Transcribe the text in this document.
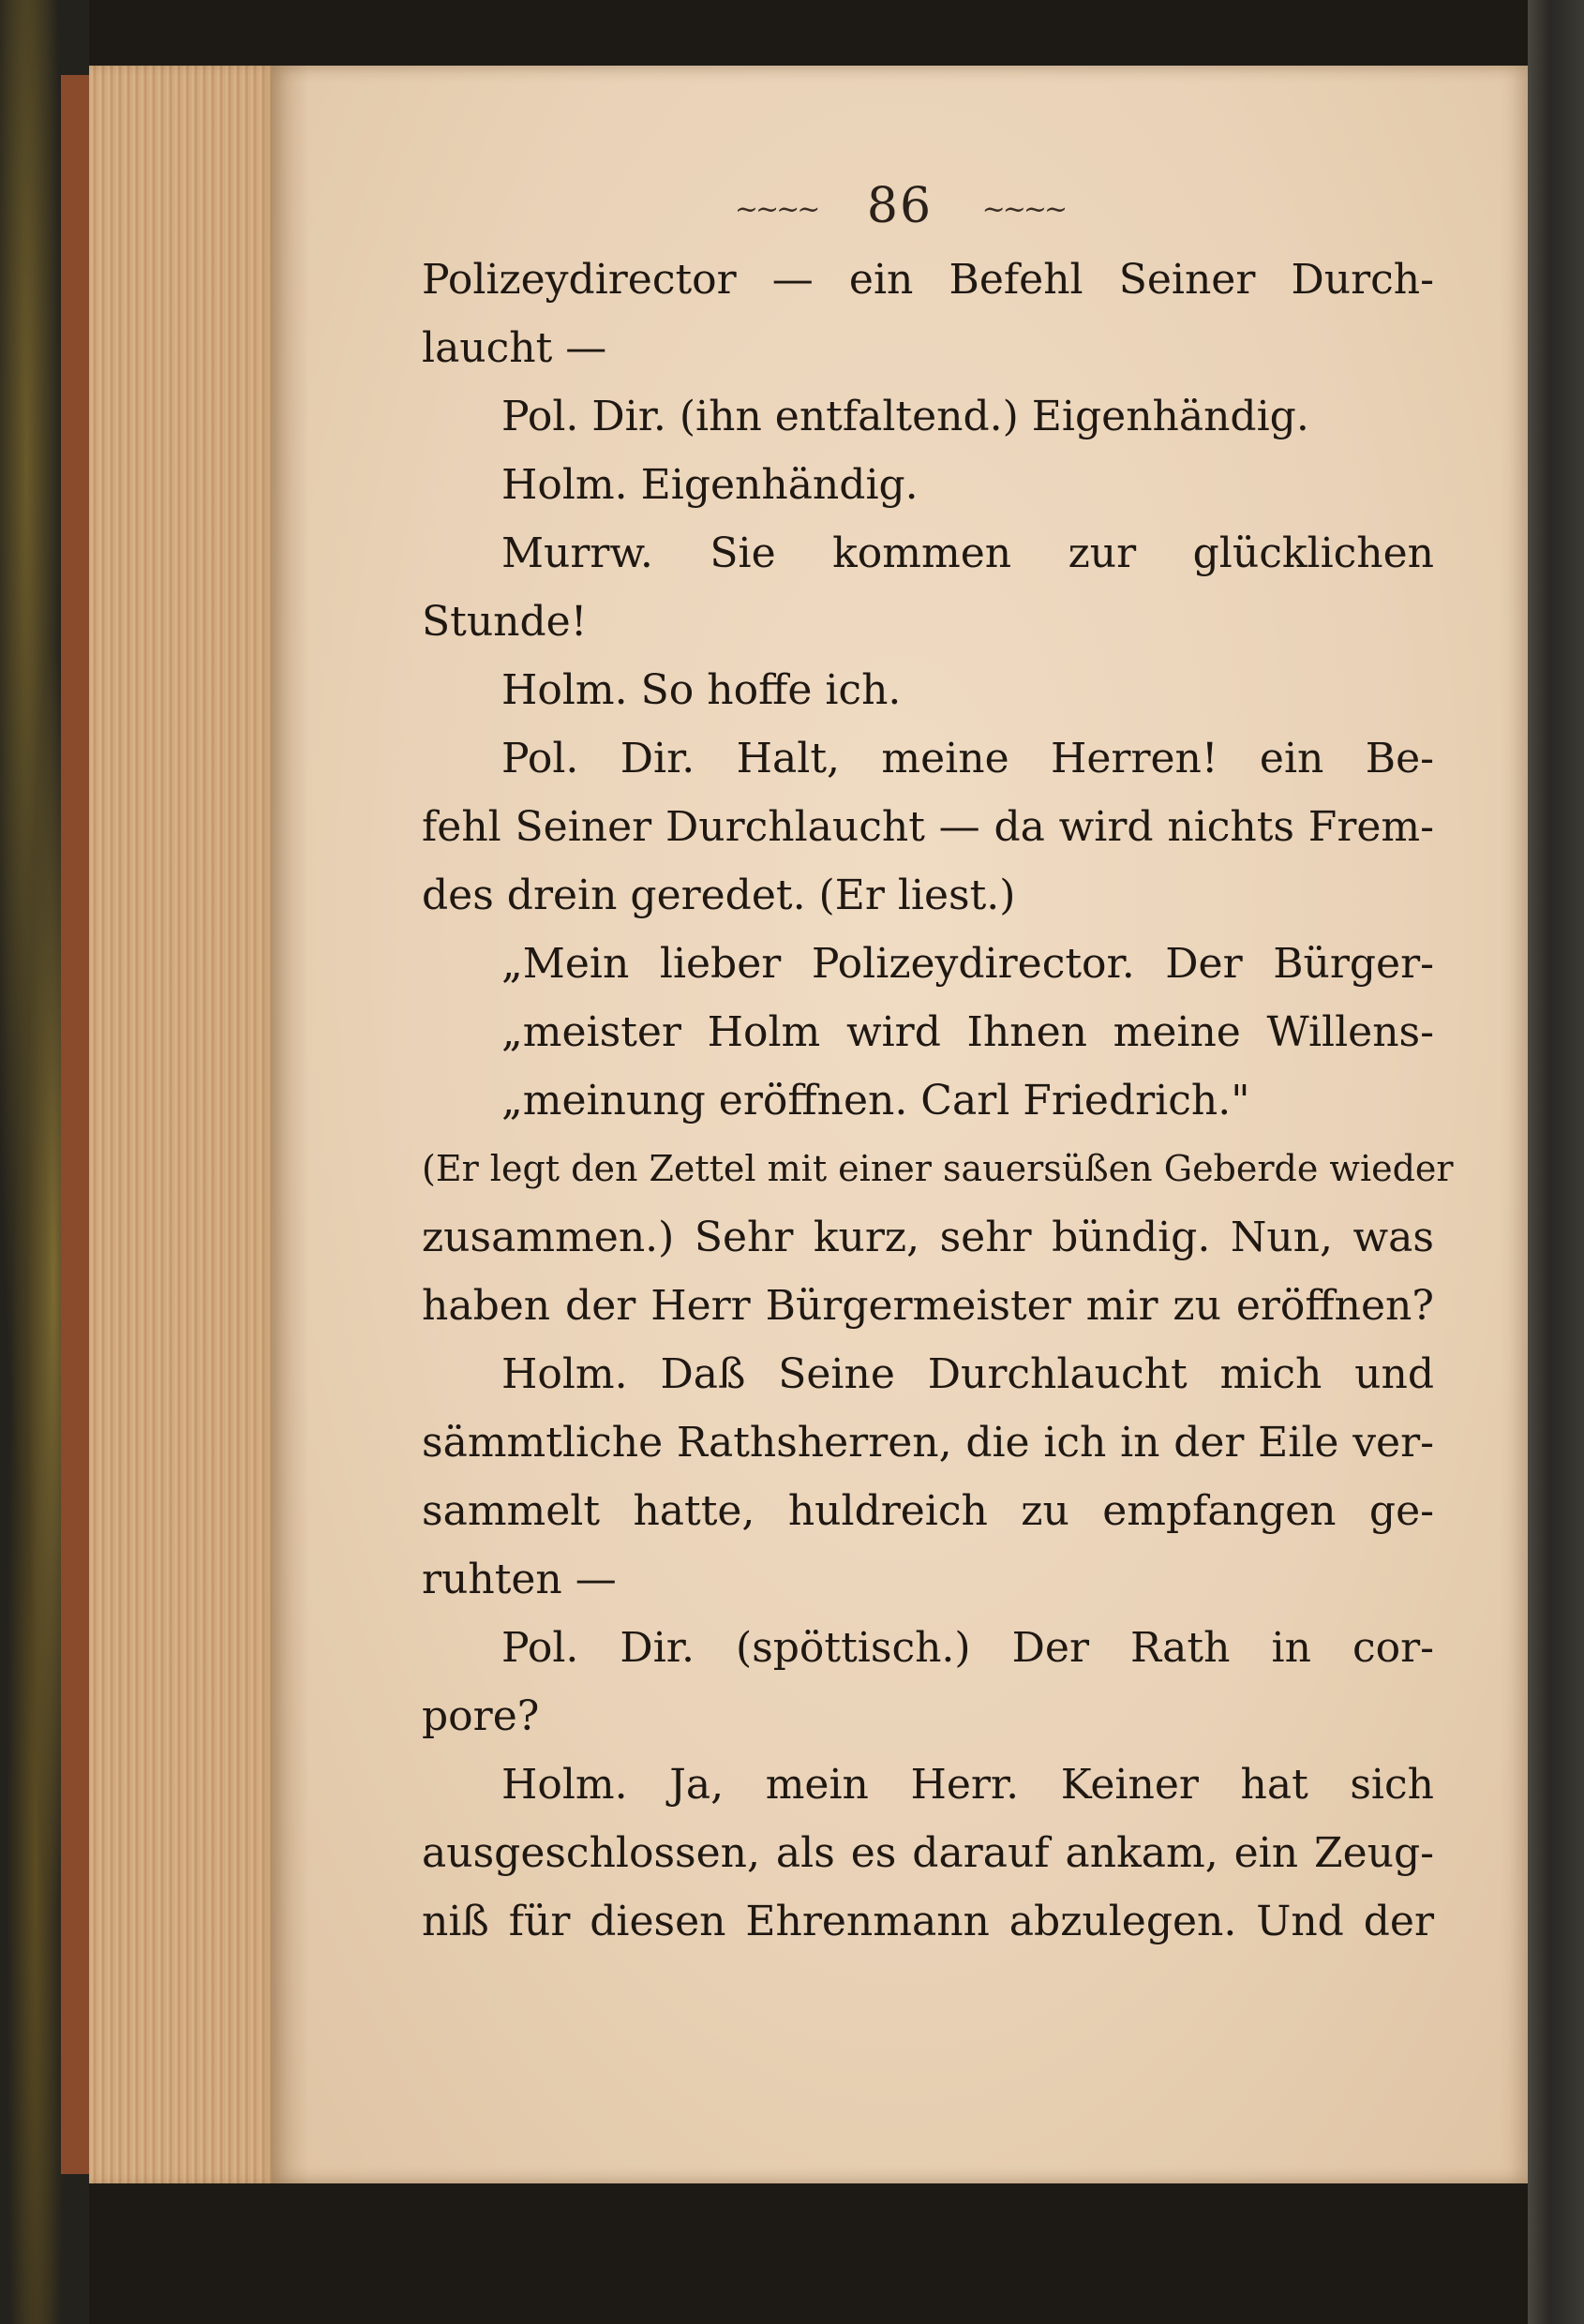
~~~~ 86 ~~~~
Polizeydirector — ein Befehl Seiner Durch-
laucht —
Pol. Dir. (ihn entfaltend.) Eigenhändig.
Holm. Eigenhändig.
Murrw. Sie kommen zur glücklichen
Stunde!
Holm. So hoffe ich.
Pol. Dir. Halt, meine Herren! ein Be-
fehl Seiner Durchlaucht — da wird nichts Frem-
des drein geredet. (Er liest.)
„Mein lieber Polizeydirector. Der Bürger-
„meister Holm wird Ihnen meine Willens-
„meinung eröffnen. Carl Friedrich."
(Er legt den Zettel mit einer sauersüßen Geberde wieder
zusammen.) Sehr kurz, sehr bündig. Nun, was
haben der Herr Bürgermeister mir zu eröffnen?
Holm. Daß Seine Durchlaucht mich und
sämmtliche Rathsherren, die ich in der Eile ver-
sammelt hatte, huldreich zu empfangen ge-
ruhten —
Pol. Dir. (spöttisch.) Der Rath in cor-
pore?
Holm. Ja, mein Herr. Keiner hat sich
ausgeschlossen, als es darauf ankam, ein Zeug-
niß für diesen Ehrenmann abzulegen. Und der
